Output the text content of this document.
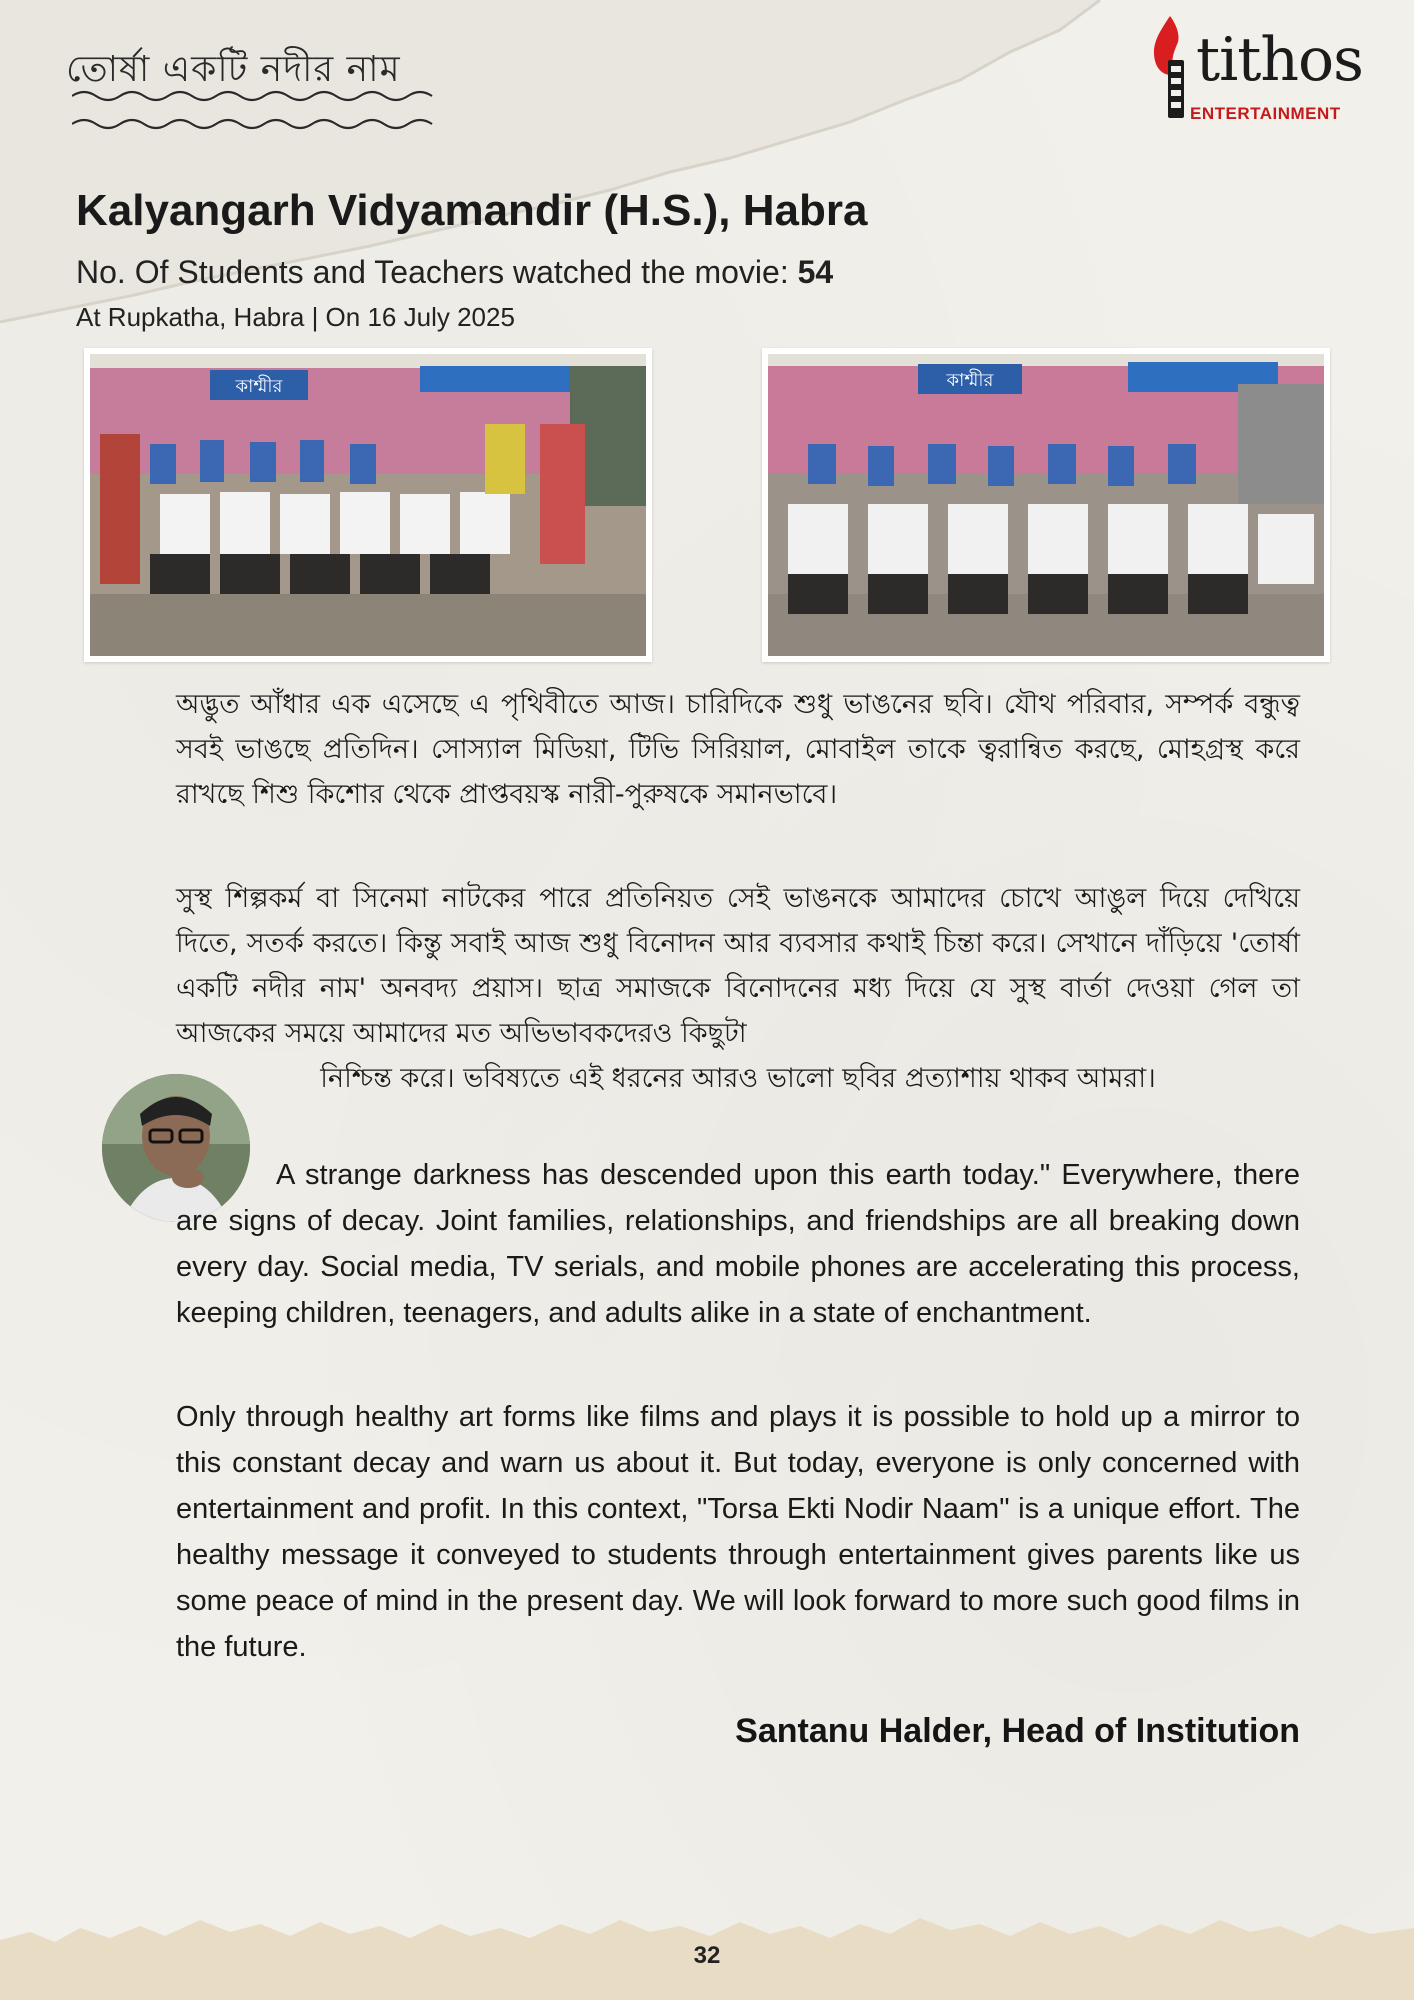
তোর্ষা একটি নদীর নাম	tithos
ENTERTAINMENT
Kalyangarh Vidyamandir (H.S.), Habra
No. Of Students and Teachers watched the movie: 54
At Rupkatha, Habra | On 16 July 2025
কাশ্মীর	কাশ্মীর

অদ্ভুত আঁধার এক এসেছে এ পৃথিবীতে আজ। চারিদিকে শুধু ভাঙনের ছবি। যৌথ পরিবার, সম্পর্ক বন্ধুত্ব সবই ভাঙছে প্রতিদিন। সোস্যাল মিডিয়া, টিভি সিরিয়াল, মোবাইল তাকে ত্বরান্বিত করছে, মোহগ্রস্থ করে রাখছে শিশু কিশোর থেকে প্রাপ্তবয়স্ক নারী-পুরুষকে সমানভাবে।

সুস্থ শিল্পকর্ম বা সিনেমা নাটকের পারে প্রতিনিয়ত সেই ভাঙনকে আমাদের চোখে আঙুল দিয়ে দেখিয়ে দিতে, সতর্ক করতে। কিন্তু সবাই আজ শুধু বিনোদন আর ব্যবসার কথাই চিন্তা করে। সেখানে দাঁড়িয়ে 'তোর্ষা একটি নদীর নাম' অনবদ্য প্রয়াস। ছাত্র সমাজকে বিনোদনের মধ্য দিয়ে যে সুস্থ বার্তা দেওয়া গেল তা আজকের সময়ে আমাদের মত অভিভাবকদেরও কিছুটা
নিশ্চিন্ত করে। ভবিষ্যতে এই ধরনের আরও ভালো ছবির প্রত্যাশায় থাকব আমরা।

A strange darkness has descended upon this earth today." Everywhere, there are signs of decay. Joint families, relationships, and friendships are all breaking down every day. Social media, TV serials, and mobile phones are accelerating this process, keeping children, teenagers, and adults alike in a state of enchantment.

Only through healthy art forms like films and plays it is possible to hold up a mirror to this constant decay and warn us about it. But today, everyone is only concerned with entertainment and profit. In this context, "Torsa Ekti Nodir Naam" is a unique effort. The healthy message it conveyed to students through entertainment gives parents like us some peace of mind in the present day. We will look forward to more such good films in the future.

Santanu Halder, Head of Institution
32
